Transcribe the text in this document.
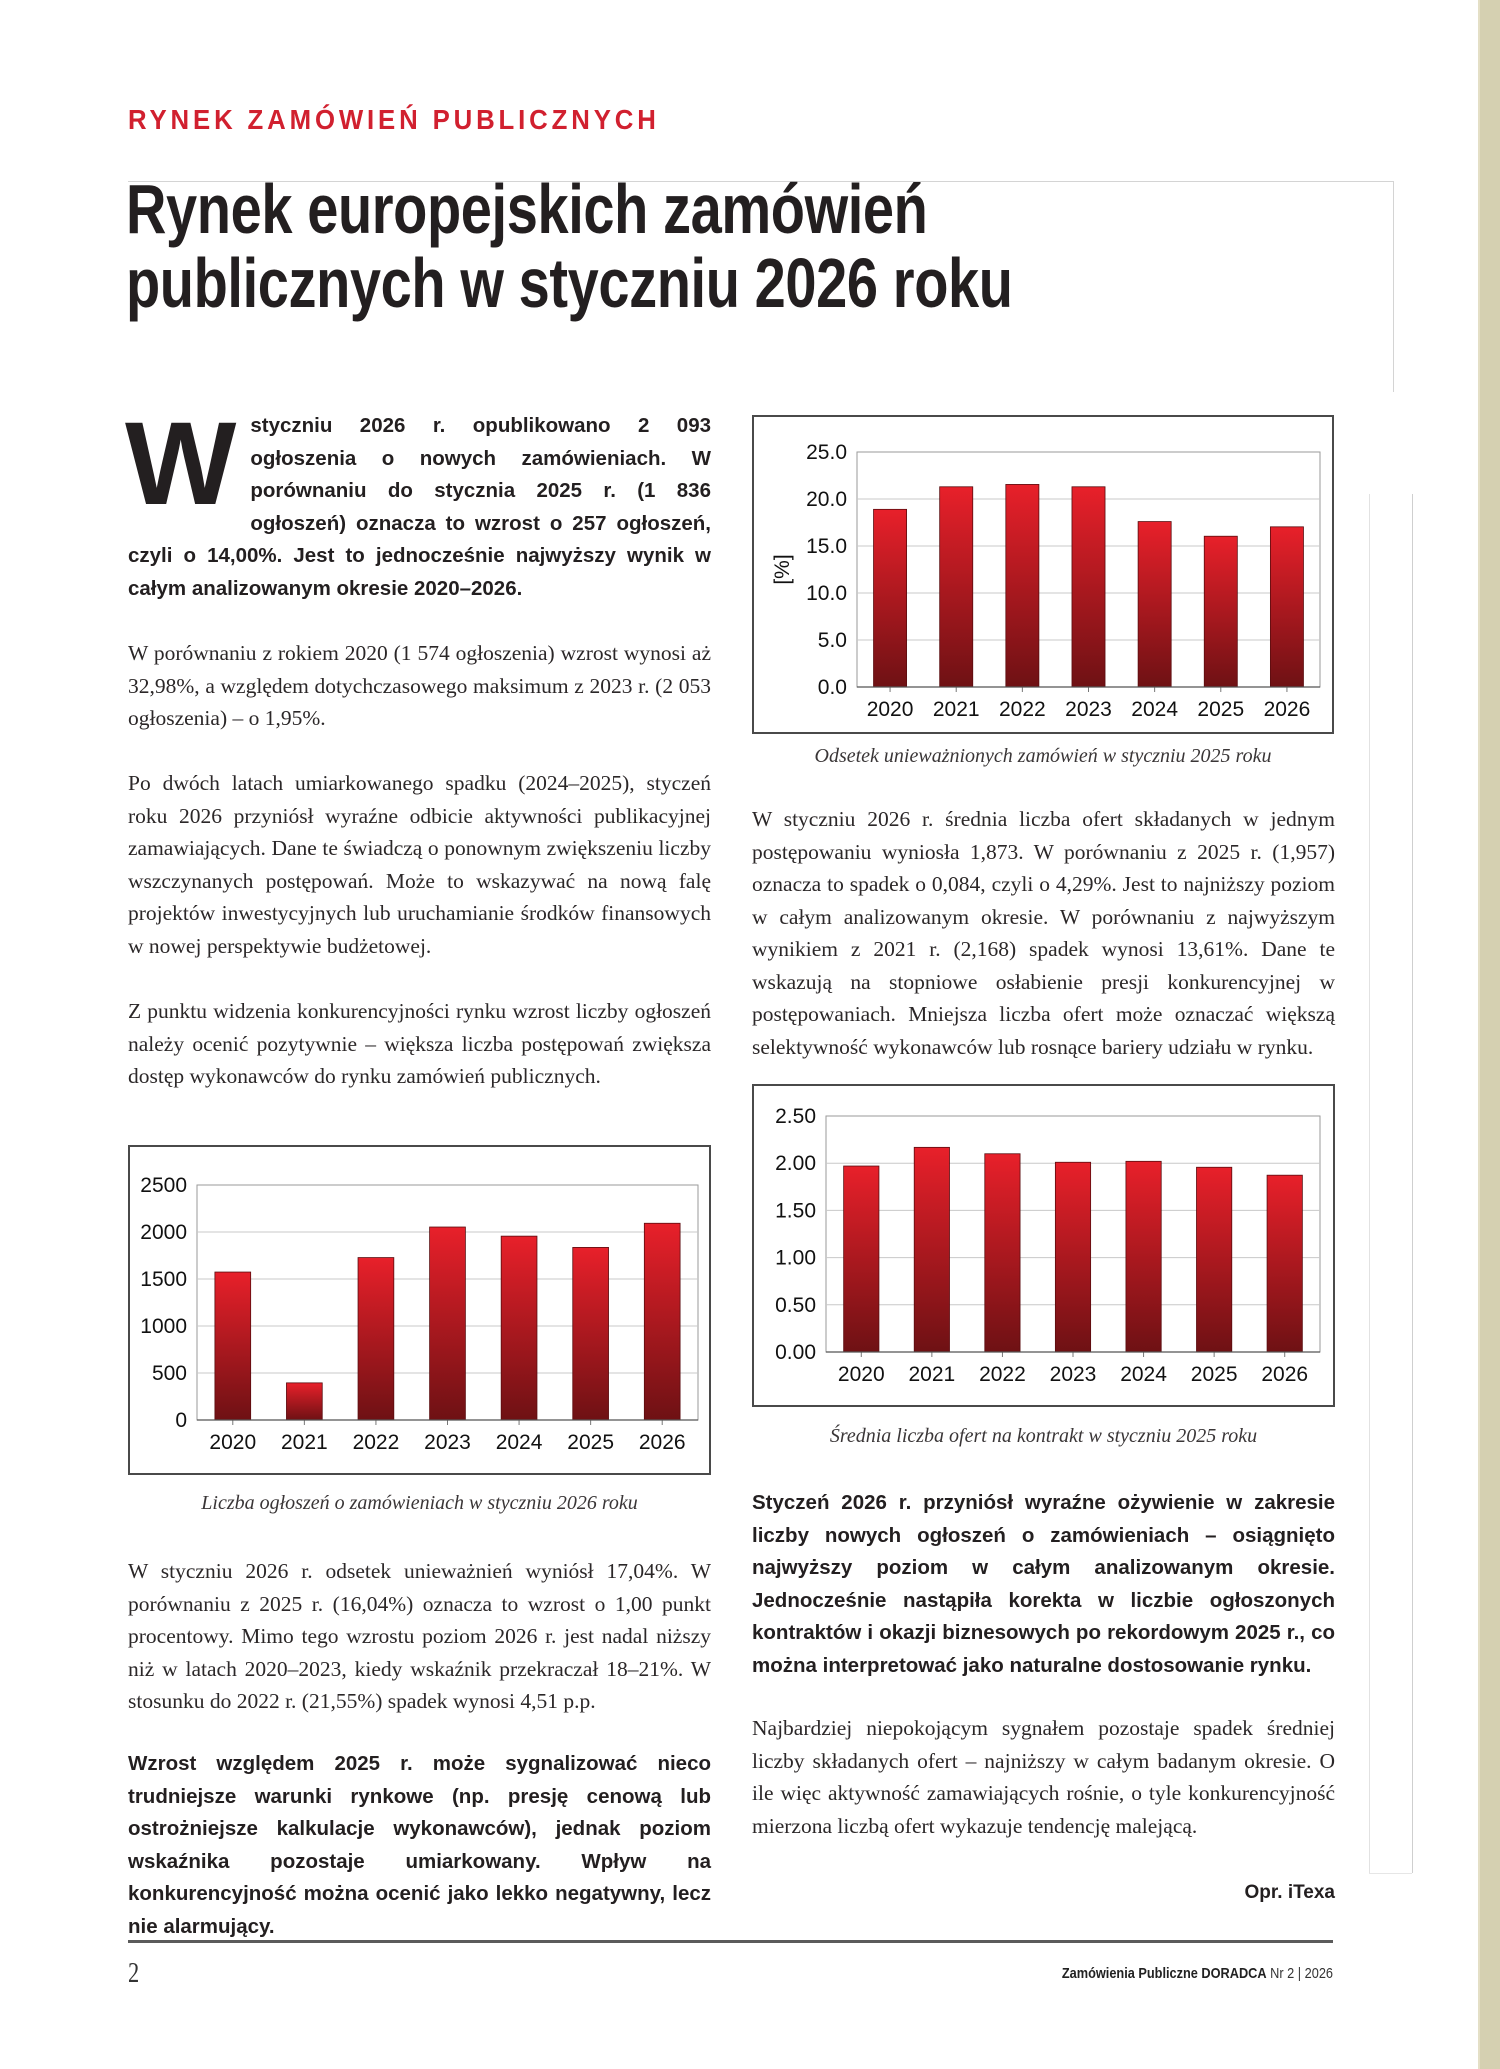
RYNEK ZAMÓWIEŃ PUBLICZNYCH
Rynek europejskich zamówień
publicznych w styczniu 2026 roku
Wstyczniu 2026 r. opublikowano 2 093 ogłoszenia o nowych zamówieniach. W porównaniu do stycznia 2025 r. (1 836 ogłoszeń) oznacza to wzrost o 257 ogłoszeń, czyli o 14,00%. Jest to jednocześnie najwyższy wynik w całym analizowanym okresie 2020–2026.
W porównaniu z rokiem 2020 (1 574 ogłoszenia) wzrost wynosi aż 32,98%, a względem dotychczasowego maksimum z 2023 r. (2 053 ogłoszenia) – o 1,95%.
Po dwóch latach umiarkowanego spadku (2024–2025), styczeń roku 2026 przyniósł wyraźne odbicie aktywności publikacyjnej zamawiających. Dane te świadczą o ponownym zwiększeniu liczby wszczynanych postępowań. Może to wskazywać na nową falę projektów inwestycyjnych lub uruchamianie środków finansowych w nowej perspektywie budżetowej.
Z punktu widzenia konkurencyjności rynku wzrost liczby ogłoszeń należy ocenić pozytywnie – większa liczba postępowań zwiększa dostęp wykonawców do rynku zamówień publicznych.
0
500
1000
1500
2000
2500
2020 2021 2022 2023 2024 2025 2026
Liczba ogłoszeń o zamówieniach w styczniu 2026 roku
W styczniu 2026 r. odsetek unieważnień wyniósł 17,04%. W porównaniu z 2025 r. (16,04%) oznacza to wzrost o 1,00 punkt procentowy. Mimo tego wzrostu poziom 2026 r. jest nadal niższy niż w latach 2020–2023, kiedy wskaźnik przekraczał 18–21%. W stosunku do 2022 r. (21,55%) spadek wynosi 4,51 p.p.
Wzrost względem 2025 r. może sygnalizować nieco trudniejsze warunki rynkowe (np. presję cenową lub ostrożniejsze kalkulacje wykonawców), jednak poziom wskaźnika pozostaje umiarkowany. Wpływ na konkurencyjność można ocenić jako lekko negatywny, lecz nie alarmujący.
0.0
5.0
10.0
15.0
20.0
25.0
2020 2021 2022 2023 2024 2025 2026
[%]
Odsetek unieważnionych zamówień w styczniu 2025 roku
W styczniu 2026 r. średnia liczba ofert składanych w jednym postępowaniu wyniosła 1,873. W porównaniu z 2025 r. (1,957) oznacza to spadek o 0,084, czyli o 4,29%. Jest to najniższy poziom w całym analizowanym okresie. W porównaniu z najwyższym wynikiem z 2021 r. (2,168) spadek wynosi 13,61%. Dane te wskazują na stopniowe osłabienie presji konkurencyjnej w postępowaniach. Mniejsza liczba ofert może oznaczać większą selektywność wykonawców lub rosnące bariery udziału w rynku.
0.00
0.50
1.00
1.50
2.00
2.50
2020 2021 2022 2023 2024 2025 2026
Średnia liczba ofert na kontrakt w styczniu 2025 roku
Styczeń 2026 r. przyniósł wyraźne ożywienie w zakresie liczby nowych ogłoszeń o zamówieniach – osiągnięto najwyższy poziom w całym analizowanym okresie. Jednocześnie nastąpiła korekta w liczbie ogłoszonych kontraktów i okazji biznesowych po rekordowym 2025 r., co można interpretować jako naturalne dostosowanie rynku.
Najbardziej niepokojącym sygnałem pozostaje spadek średniej liczby składanych ofert – najniższy w całym badanym okresie. O ile więc aktywność zamawiających rośnie, o tyle konkurencyjność mierzona liczbą ofert wykazuje tendencję malejącą.
Opr. iTexa
2	Zamówienia Publiczne DORADCA Nr 2 | 2026
